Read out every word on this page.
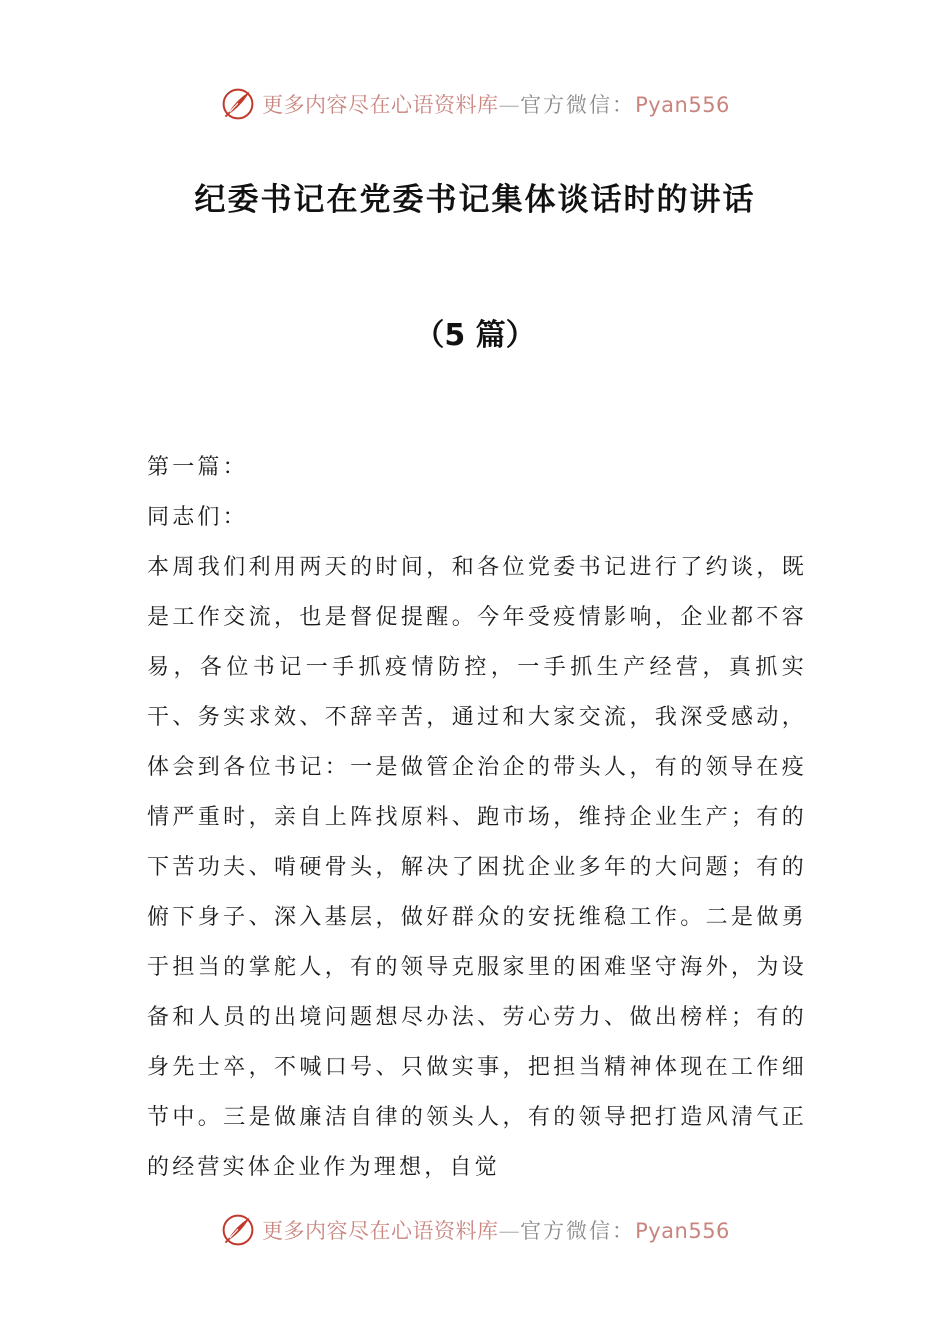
更多内容尽在心语资料库—官方微信：Pyan556
纪委书记在党委书记集体谈话时的讲话
（5 篇）

第一篇：

同志们：

本周我们利用两天的时间，和各位党委书记进行了约谈，既是工作交流，也是督促提醒。今年受疫情影响，企业都不容易，各位书记一手抓疫情防控，一手抓生产经营，真抓实干、务实求效、不辞辛苦，通过和大家交流，我深受感动，体会到各位书记：一是做管企治企的带头人，有的领导在疫情严重时，亲自上阵找原料、跑市场，维持企业生产；有的下苦功夫、啃硬骨头，解决了困扰企业多年的大问题；有的俯下身子、深入基层，做好群众的安抚维稳工作。二是做勇于担当的掌舵人，有的领导克服家里的困难坚守海外，为设备和人员的出境问题想尽办法、劳心劳力、做出榜样；有的身先士卒，不喊口号、只做实事，把担当精神体现在工作细节中。三是做廉洁自律的领头人，有的领导把打造风清气正的经营实体企业作为理想，自觉

更多内容尽在心语资料库—官方微信：Pyan556
